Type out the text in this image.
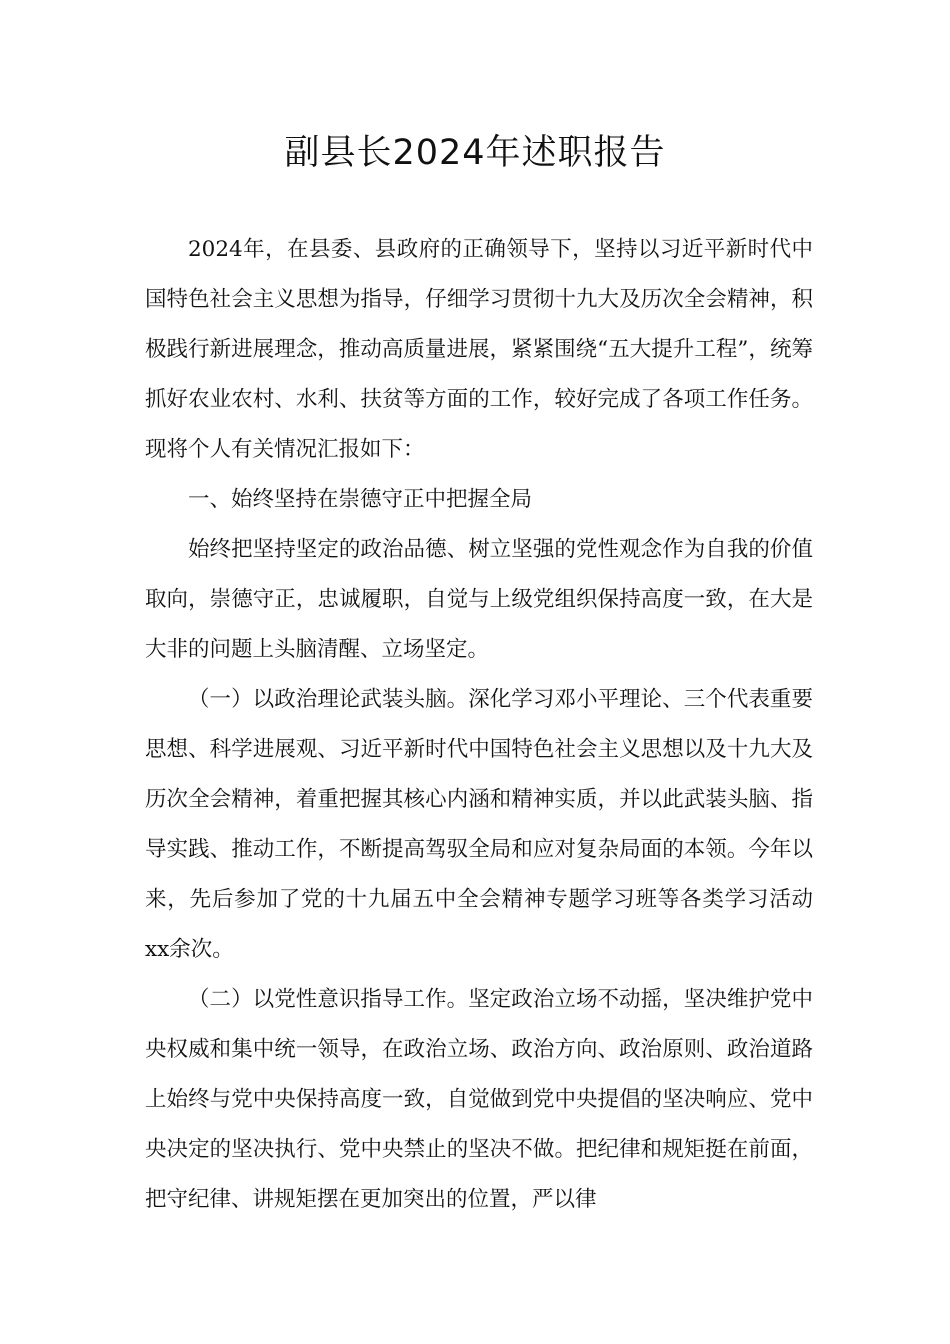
副县长2024年述职报告

2024年，在县委、县政府的正确领导下，坚持以习近平新时代中国特色社会主义思想为指导，仔细学习贯彻十九大及历次全会精神，积极践行新进展理念，推动高质量进展，紧紧围绕“五大提升工程”，统筹抓好农业农村、水利、扶贫等方面的工作，较好完成了各项工作任务。现将个人有关情况汇报如下：

一、始终坚持在崇德守正中把握全局

始终把坚持坚定的政治品德、树立坚强的党性观念作为自我的价值取向，崇德守正，忠诚履职，自觉与上级党组织保持高度一致，在大是大非的问题上头脑清醒、立场坚定。

（一）以政治理论武装头脑。深化学习邓小平理论、三个代表重要思想、科学进展观、习近平新时代中国特色社会主义思想以及十九大及历次全会精神，着重把握其核心内涵和精神实质，并以此武装头脑、指导实践、推动工作，不断提高驾驭全局和应对复杂局面的本领。今年以来，先后参加了党的十九届五中全会精神专题学习班等各类学习活动xx余次。

（二）以党性意识指导工作。坚定政治立场不动摇，坚决维护党中央权威和集中统一领导，在政治立场、政治方向、政治原则、政治道路上始终与党中央保持高度一致，自觉做到党中央提倡的坚决响应、党中央决定的坚决执行、党中央禁止的坚决不做。把纪律和规矩挺在前面，把守纪律、讲规矩摆在更加突出的位置，严以律
